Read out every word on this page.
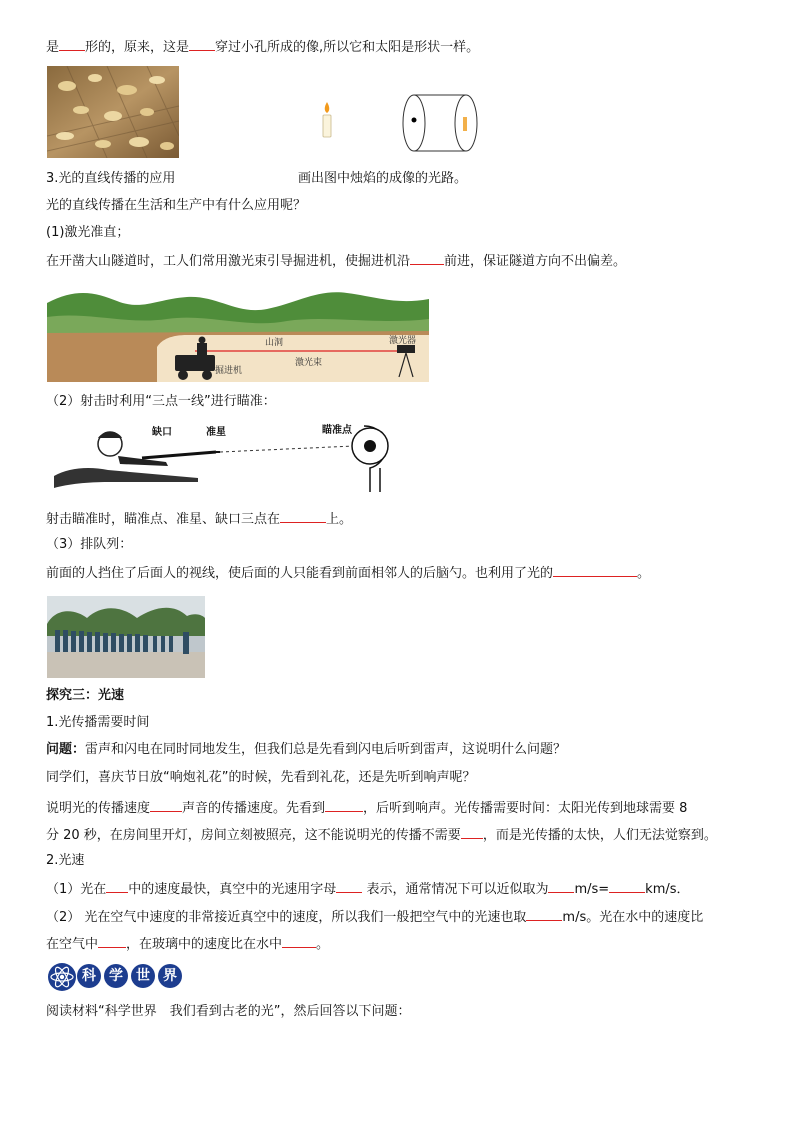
是 形的，原来，这是 穿过小孔所成的像,所以它和太阳是形状一样。
3.光的直线传播的应用	画出图中烛焰的成像的光路。
光的直线传播在生活和生产中有什么应用呢？
(1)激光准直；
在开凿大山隧道时，工人们常用激光束引导掘进机，使掘进机沿	前进，保证隧道方向不出偏差。
山洞	激光器
激光束
掘进机
（2）射击时利用“三点一线”进行瞄准：
缺口	准星	瞄准点
射击瞄准时，瞄准点、准星、缺口三点在	上。
（3）排队列：
前面的人挡住了后面人的视线，使后面的人只能看到前面相邻人的后脑勺。也利用了光的	。
探究三：光速
1.光传播需要时间
问题：雷声和闪电在同时同地发生，但我们总是先看到闪电后听到雷声，这说明什么问题？
同学们，喜庆节日放“响炮礼花”的时候，先看到礼花，还是先听到响声呢？
说明光的传播速度 声音的传播速度。先看到	，后听到响声。光传播需要时间：太阳光传到地球需要 8
分 20 秒，在房间里开灯，房间立刻被照亮，这不能说明光的传播不需要 ，而是光传播的太快，人们无法觉察到。
2.光速
（1）光在 中的速度最快，真空中的光速用字母 表示，通常情况下可以近似取为 m/s=	km/s．
（2） 光在空气中速度的非常接近真空中的速度，所以我们一般把空气中的光速也取	m/s。光在水中的速度比
在空气中 ，在玻璃中的速度比在水中	。
科 学 世 界
阅读材料“科学世界　我们看到古老的光”，然后回答以下问题：
